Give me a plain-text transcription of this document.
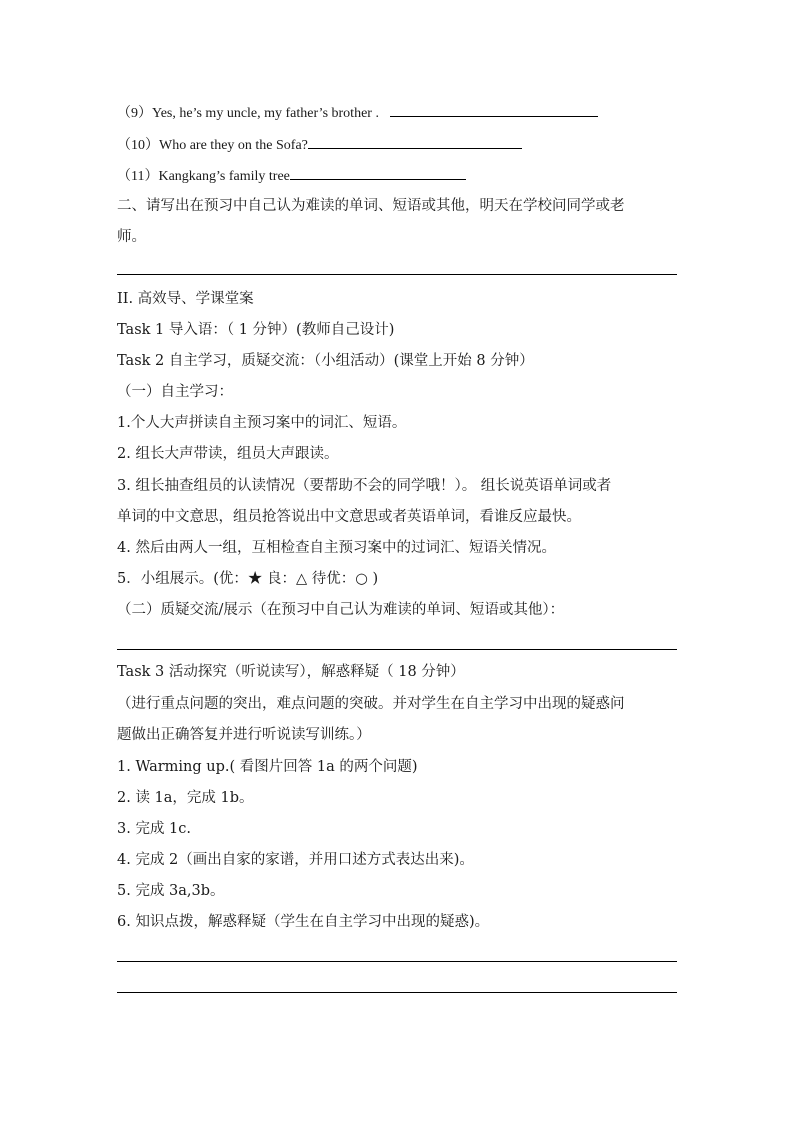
（9）Yes, he’s my uncle, my father’s brother .
（10）Who are they on the Sofa?
（11）Kangkang’s family tree
二、请写出在预习中自己认为难读的单词、短语或其他，明天在学校问同学或老
师。
II. 高效导、学课堂案
Task 1 导入语：（ 1 分钟）(教师自己设计)
Task 2 自主学习，质疑交流：（小组活动）(课堂上开始 8 分钟）
（一）自主学习：
1.个人大声拼读自主预习案中的词汇、短语。
2. 组长大声带读，组员大声跟读。
3. 组长抽查组员的认读情况（要帮助不会的同学哦！）。 组长说英语单词或者
单词的中文意思，组员抢答说出中文意思或者英语单词，看谁反应最快。
4. 然后由两人一组，互相检查自主预习案中的过词汇、短语关情况。
5．小组展示。(优：★ 良：△ 待优：○ )
（二）质疑交流/展示（在预习中自己认为难读的单词、短语或其他）：
Task 3 活动探究（听说读写），解惑释疑（ 18 分钟）
（进行重点问题的突出，难点问题的突破。并对学生在自主学习中出现的疑惑问
题做出正确答复并进行听说读写训练。）
1. Warming up.( 看图片回答 1a 的两个问题)
2. 读 1a，完成 1b。
3. 完成 1c.
4. 完成 2（画出自家的家谱，并用口述方式表达出来)。
5. 完成 3a,3b。
6. 知识点拨，解惑释疑（学生在自主学习中出现的疑惑)。
